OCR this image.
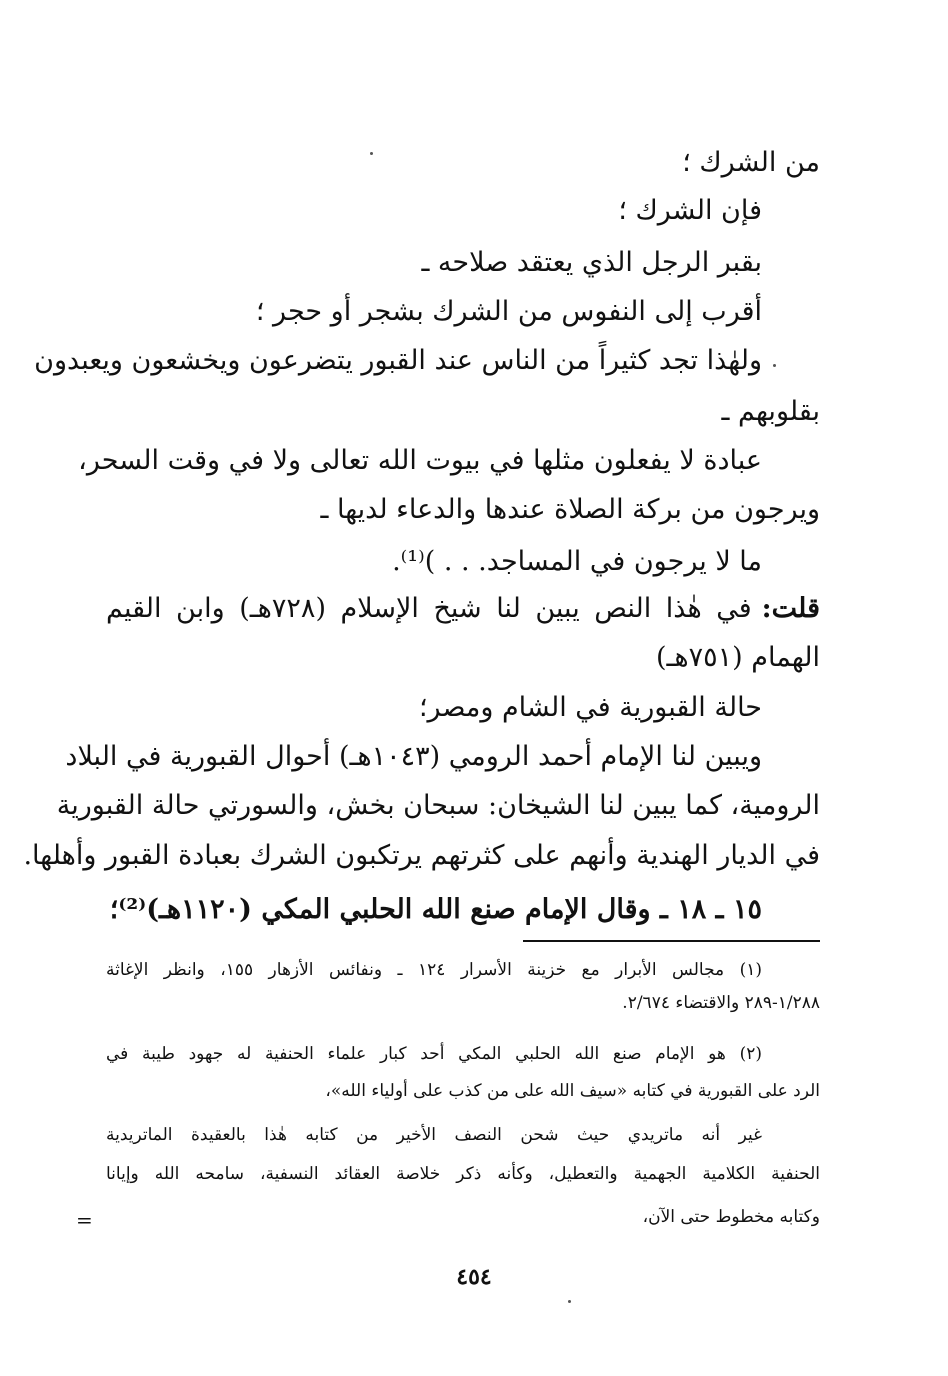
من الشرك ؛
فإن الشرك ؛
بقبر الرجل الذي يعتقد صلاحه ـ
أقرب إلى النفوس من الشرك بشجر أو حجر ؛
ولهٰذا تجد كثيراً من الناس عند القبور يتضرعون ويخشعون ويعبدون
بقلوبهم ـ
عبادة لا يفعلون مثلها في بيوت الله تعالى ولا في وقت السحر،
ويرجون من بركة الصلاة عندها والدعاء لديها ـ
ما لا يرجون في المساجد. . . )⁽¹⁾.
قلت:
في هٰذا النص يبين لنا شيخ الإسلام (٧٢٨هـ) وابن القيم
الهمام (٧٥١هـ)
حالة القبورية في الشام ومصر؛
ويبين لنا الإمام أحمد الرومي (١٠٤٣هـ) أحوال القبورية في البلاد
الرومية، كما يبين لنا الشيخان: سبحان بخش، والسورتي حالة القبورية
في الديار الهندية وأنهم على كثرتهم يرتكبون الشرك بعبادة القبور وأهلها.
١٥ ـ ١٨ ـ وقال الإمام صنع الله الحلبي المكي (١١٢٠هـ)⁽²⁾؛
(١) مجالس الأبرار مع خزينة الأسرار ١٢٤ ـ ونفائس الأزهار ١٥٥، وانظر الإغاثة
١/٢٨٨-٢٨٩ والاقتضاء ٢/٦٧٤.
(٢) هو الإمام صنع الله الحلبي المكي أحد كبار علماء الحنفية له جهود طيبة في
الرد على القبورية في كتابه «سيف الله على من كذب على أولياء الله»،
غير أنه ماتريدي حيث شحن النصف الأخير من كتابه هٰذا بالعقيدة الماتريدية
الحنفية الكلامية الجهمية والتعطيل، وكأنه ذكر خلاصة العقائد النسفية، سامحه الله وإيانا
وكتابه مخطوط حتى الآن،
=
٤٥٤
